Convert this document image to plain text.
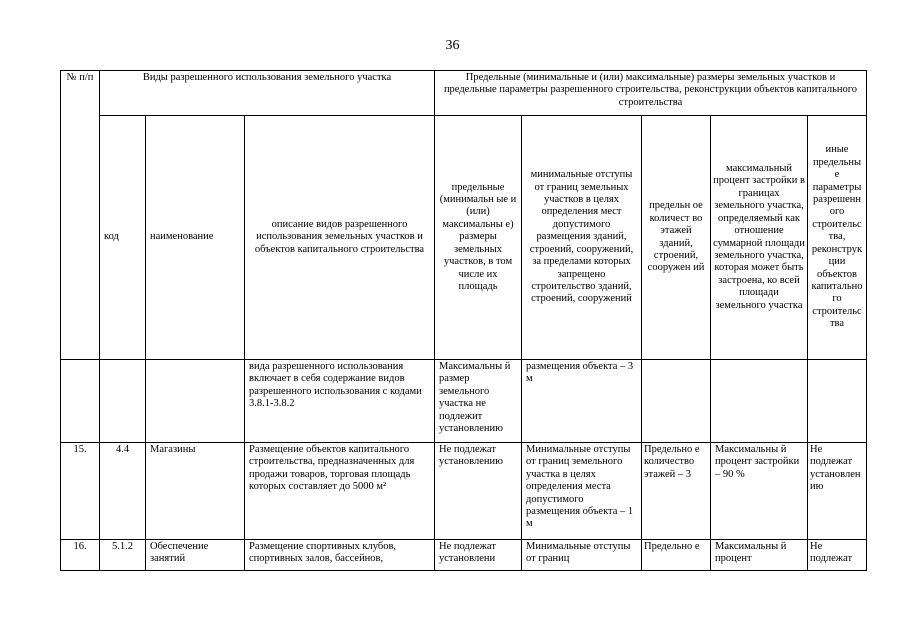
36
№ п/п	Виды разрешенного использования земельного участка			Предельные (минимальные и (или) максимальные) размеры земельных участков и предельные параметры разрешенного строительства, реконструкции объектов капитального строительства				
	код	наименование	описание видов разрешенного использования земельных участков и объектов капитального строительства	предельные (минимальн ые и (или) максимальны е) размеры земельных участков, в том числе их площадь	минимальные отступы от границ земельных участков в целях определения мест допустимого размещения зданий, строений, сооружений, за пределами которых запрещено строительство зданий, строений, сооружений	предельн ое количест во этажей зданий, строений, сооружен ий	максимальный процент застройки в границах земельного участка, определяемый как отношение суммарной площади земельного участка, которая может быть застроена, ко всей площади земельного участка	иные предельны е параметры разрешенн ого строительс тва, реконструк ции объектов капитально го строительс тва
			вида разрешенного использования включает в себя содержание видов разрешенного использования с кодами 3.8.1-3.8.2	Максимальны й размер земельного участка не подлежит установлению	размещения объекта – 3 м			
15.	4.4	Магазины	Размещение объектов капитального строительства, предназначенных для продажи товаров, торговая площадь которых составляет до 5000 м²	Не подлежат установлению	Минимальные отступы от границ земельного участка в целях определения места допустимого размещения объекта – 1 м	Предельно е количество этажей – 3	Максимальны й процент застройки – 90 %	Не подлежат установлен ию
16.	5.1.2	Обеспечение занятий	Размещение спортивных клубов, спортивных залов, бассейнов,	Не подлежат установлени	Минимальные отступы от границ	Предельно е	Максимальны й процент	Не подлежат
